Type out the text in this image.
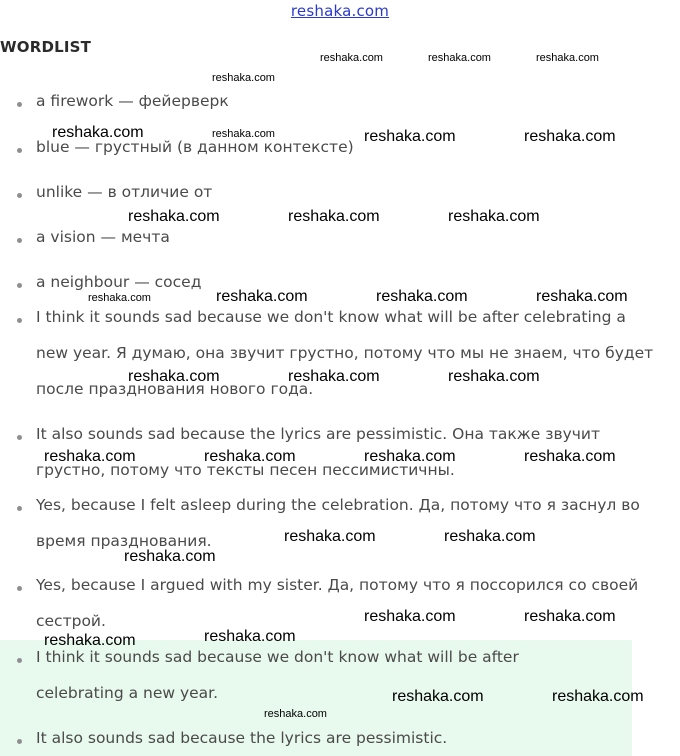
reshaka.com
WORDLIST
a firework — фейерверк
blue — грустный (в данном контексте)
unlike — в отличие от
a vision — мечта
a neighbour — сосед
I think it sounds sad because we don't know what will be after celebrating a
new year. Я думаю, она звучит грустно, потому что мы не знаем, что будет
после празднования нового года.
It also sounds sad because the lyrics are pessimistic. Она также звучит
грустно, потому что тексты песен пессимистичны.
Yes, because I felt asleep during the celebration. Да, потому что я заснул во
время празднования.
Yes, because I argued with my sister. Да, потому что я поссорился со своей
сестрой.
I think it sounds sad because we don't know what will be after
celebrating a new year.
It also sounds sad because the lyrics are pessimistic.
reshaka.com	reshaka.com	reshaka.com
reshaka.com
reshaka.com	reshaka.com	reshaka.com	reshaka.com
reshaka.com	reshaka.com	reshaka.com
reshaka.com	reshaka.com	reshaka.com	reshaka.com
reshaka.com	reshaka.com	reshaka.com
reshaka.com	reshaka.com	reshaka.com	reshaka.com
reshaka.com	reshaka.com
reshaka.com
reshaka.com	reshaka.com
reshaka.com
reshaka.com
reshaka.com	reshaka.com
reshaka.com
